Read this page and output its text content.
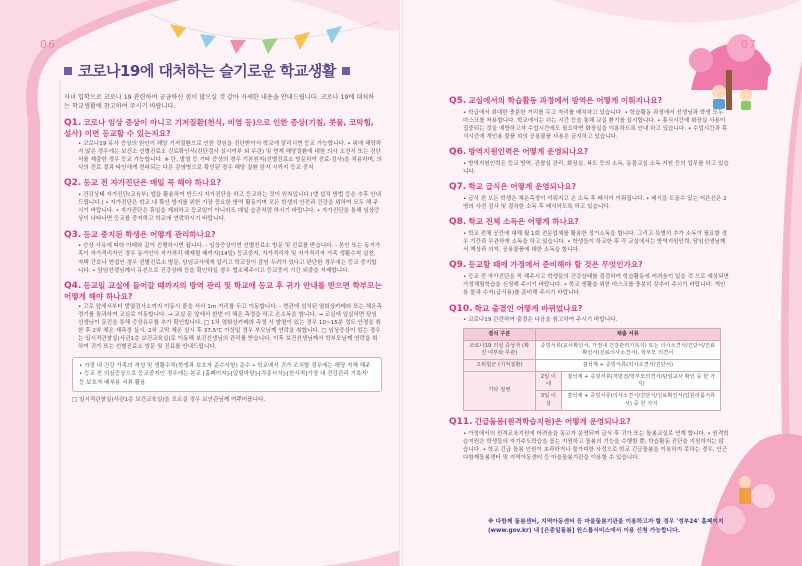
06
코로나19에 대처하는 슬기로운 학교생활
자녀 입학으로 코로나 19 관련하여 궁금하신 점이 많으실 것 같아 자세한 내용을 안내드립니다. 코로나 19에 대처하는 학교생활에 참고하여 주시기 바랍니다.
Q1. 코로나 임상 증상이 아니고 기저질환(천식, 비염 등)으로 인한 증상(기침, 콧물, 코막힘, 설사) 이면 등교할 수 있는지요?

• 코로나19 유사 증상의 원인이 해당 기저질환으로 인한 것임을 진단받아서 학교에 알리시면 등교 가능합니다. • 위에 해당하지 않은 경우에는 보건소 선별진료소 진료확인서(진단검사 실시여부 외 무관) 및 현재 해당질환에 대한 의사 소견서 또는 진단서를 제출한 경우 등교 가능합니다. ※ 단, 발열 등 기타 증상의 경우 기본원칙(선별진료소 방문하여 진료·검사)을 적용하며, 의사의 진료 결과 타인에게 전파되는 다른 감염병으로 확인된 경우 해당 질환 한지 시까지 등교 중지

Q2. 등교 전 자가진단은 매일 꼭 해야 하나요?

• 건강상태 자가진단(교육부) 앱을 활용하여 반드시 자가진단을 하고 등교하는 것이 원칙입니다.(앱 설치 방법 등은 추후 안내드립니다.) • 자가진단은 학교 내 확산 방지를 위한 가장 중요한 방역 활동이며 모든 학생의 안전과 건강을 위하여 모두 해 주시기 바랍니다. • 자가진단은 휴일을 제외하고 등교일이 아니라도 매일 습관처럼 하시기 바랍니다. • 자가진단을 통해 임상증상이 나타나면 등교를 중지하고 학교에 연락하시기 바랍니다.

Q3. 등교 중지된 학생은 어떻게 관리하나요?

• 증상 사유에 따라 아래와 같이 진행하시면 됩니다. - 임상증상이면 선별진료소 방문 및 진료를 받습니다. - 본인 또는 동거가족이 자가격리자인 경우 동거인이 자가격리 해제될 때까지(14일) 등교중지, 자가격리자 및 자가격리자 가족 생활수칙 실천, 자택 간호나 면접인 경우 선별진료소 방문, 담임교사에게 알리고 학교장이 감염 우려가 있다고 판단한 경우에는 등교 중지합니다. • 담임선생님께서 유선으로 건강상태 등을 확인하실 경우 협조해주시고 등교중지 기간 외출을 자제합니다.

Q4. 등교일 교실에 들어갈 때까지의 방역 관리 및 학교에 등교 후 귀가 안내를 받으면 학부모는 어떻게 해야 하나요?

• 고로 앞에서부터 발열검사소까지 이동시 줄을 서서 1m 거리를 두고 이동합니다. - 현관에 설치된 열화상카메라 또는 체온측정기를 통과하여 교실로 이동합니다. → 교실 문 앞에서 한번 더 체온 측정을 하고 손소독을 합니다. → 교실에 입실하면 담임선생님이 문진을 통해 증상유무를 추가 확인합니다. □ 1차 열화상카메라 측정 시 발열이 있는 경우 10~15분 정도 안정을 취한 후 2차 체온 재측정 실시, 2차 고막 체온 실시 후 37.5℃ 이상일 경우 부모님께 연락을 취합니다. □ 임상증상이 있는 경우는 일시적관찰실(사관1층 보건교육실)로 이동해 보건선생님의 관리를 받습니다. 이후 보건선생님께서 학부모님께 연락을 취하여 귀가 또는 선별진료소 방문 및 진료를 안내드립니다.

• 가정 내 건강 가족의 격성 및 생활수칙(학생과 보호자 준수사항) 준수 • 학교에서 귀가 조치할 경우에는 해당 자체 해주 • 등교 전 의심증상으로 등교중지인 경우에는 본교 [홈페이지]-[알림마당]-[각종서식]-[한시적]가정 내 건강관리 기록지' 등 보호자 배부용 서류 활용

□ 일시적관찰실(사관1층 보건교육실)을 모르실 경우 보안관님께 여쭈어봅니다.

07
Q5. 교실에서의 학습활동 과정에서 방역은 어떻게 이뤄지나요?

• 학급에서 최대한 충분한 거리를 두고 자리를 배치하고 있습니다. • 학습활동 과정에서 선생님과 학생 모두 마스크를 착용합니다. 학교에서는 쉬는 시간 등을 통해 교실 환기를 실시합니다. • 휴식시간에 화장실 사용이 집중되는 것을 예방하고자 수업시간에도 필요하면 화장실을 이용하도록 안내 하고 있습니다. • 수업시간과 휴식시간에 개인용 물품 외의 공용물품 사용은 금지하고 있습니다.

Q6. 방역지원인력은 어떻게 운영되나요?

• 방역지원인력은 등교 방역, 관찰실 관리, 화장실, 복도 등의 소독, 동물교실 소독 지원 등의 업무를 하고 있습니다.

Q7. 학교 급식은 어떻게 운영되나요?

• 급식 전 모든 학생은 체온측정이 이뤄지고 손 소독 후 배식이 이뤄집니다. • 배식을 도울수 있는 어른신은 2명의 사전 검사 및 절차한 소독 후 배식하도록 하고 있습니다.

Q8. 학교 전체 소독은 어떻게 하나요?

• 학교 전체 공간에 대해 월 1회 전문업체를 활용한 정기소독을 합니다. 그리고 특별히 추가 소독이 필요할 경우 기간과 무관하게 소독을 하고 있습니다. • 학생들이 하교한 후 각 교실에서는 방역지원인력, 담임선생님께서 책상과 의자, 공용물품에 대한 소독을 합니다.

Q9. 등교할 때에 가정에서 준비해야 할 것은 무엇인가요?

• 등교 전 자가진단을 꼭 해주시고 학생들의 건강상태를 점검하여 학습활동에 어려움이 있을 것 으로 예상되면 가정체험학습을 신청해 주시기 바랍니다. • 학교 생활을 위한 마스크를 충분히 갖추어 주시기 바랍니다. 개인용 물과 수저(급식용)를 준비해 주시기 바랍니다.

Q10. 학교 출결인 어떻게 바뀌었나요?

• 코로나19 관련하여 출결은 다음을 참고하여 주시기 바랍니다.

결석 구분	제출 서류	
코로나19 의심 증상자 (확진 여부와 무관)	증빙서류(교사확인서, 가정내 건강관리기록지) 또는 의사소견서/진단서/진료확인서(진료의사소견서), 학부모 의견서	
고위험군 (기저질환)	결석계 + 증빙서류(의사소견서/진단서)	
기타 질병	2일 이내	결석계 + 증빙서류(처방전/학부모의견서/담임교사 확인 등 한 가지)
	3일 이상	결석계 + 증빙서류(의사소견서/진단서/진료확인서/입원리폼지류서) 중 한 가지
Q11. 긴급돌봄(원격학습지원)은 어떻게 운영되나요?

• 가정에서의 원격교육지원에 어려움을 동고자 운영되며 급식 후 귀가 또는 돌봄교실로 연계 합니다. • 원격학습지원은 학생들의 자기주도학습을 돕는 지원하고 돌봄의 기능을 수행할 뿐, 학습활동 진단을 지원하지는 않습니다. • 학교 긴급 돌봄 인원이 초과하거나 불가피한 사정으로 학교 긴급돌봄을 이용하지 못하는 경우, 인근 다함께돌봄센터 및 지역아동센터 등 마을돌봄기관을 이용할 수 있습니다.

※ 다함께 돌봄센터, 지역아동센터 등 마을돌봄기관을 이용하고자 할 경우 '정부24' 홈페이지 (www.gov.kr) 내 [온종일돌봄] 원스톱서비스에서 이용 신청 가능합니다.
